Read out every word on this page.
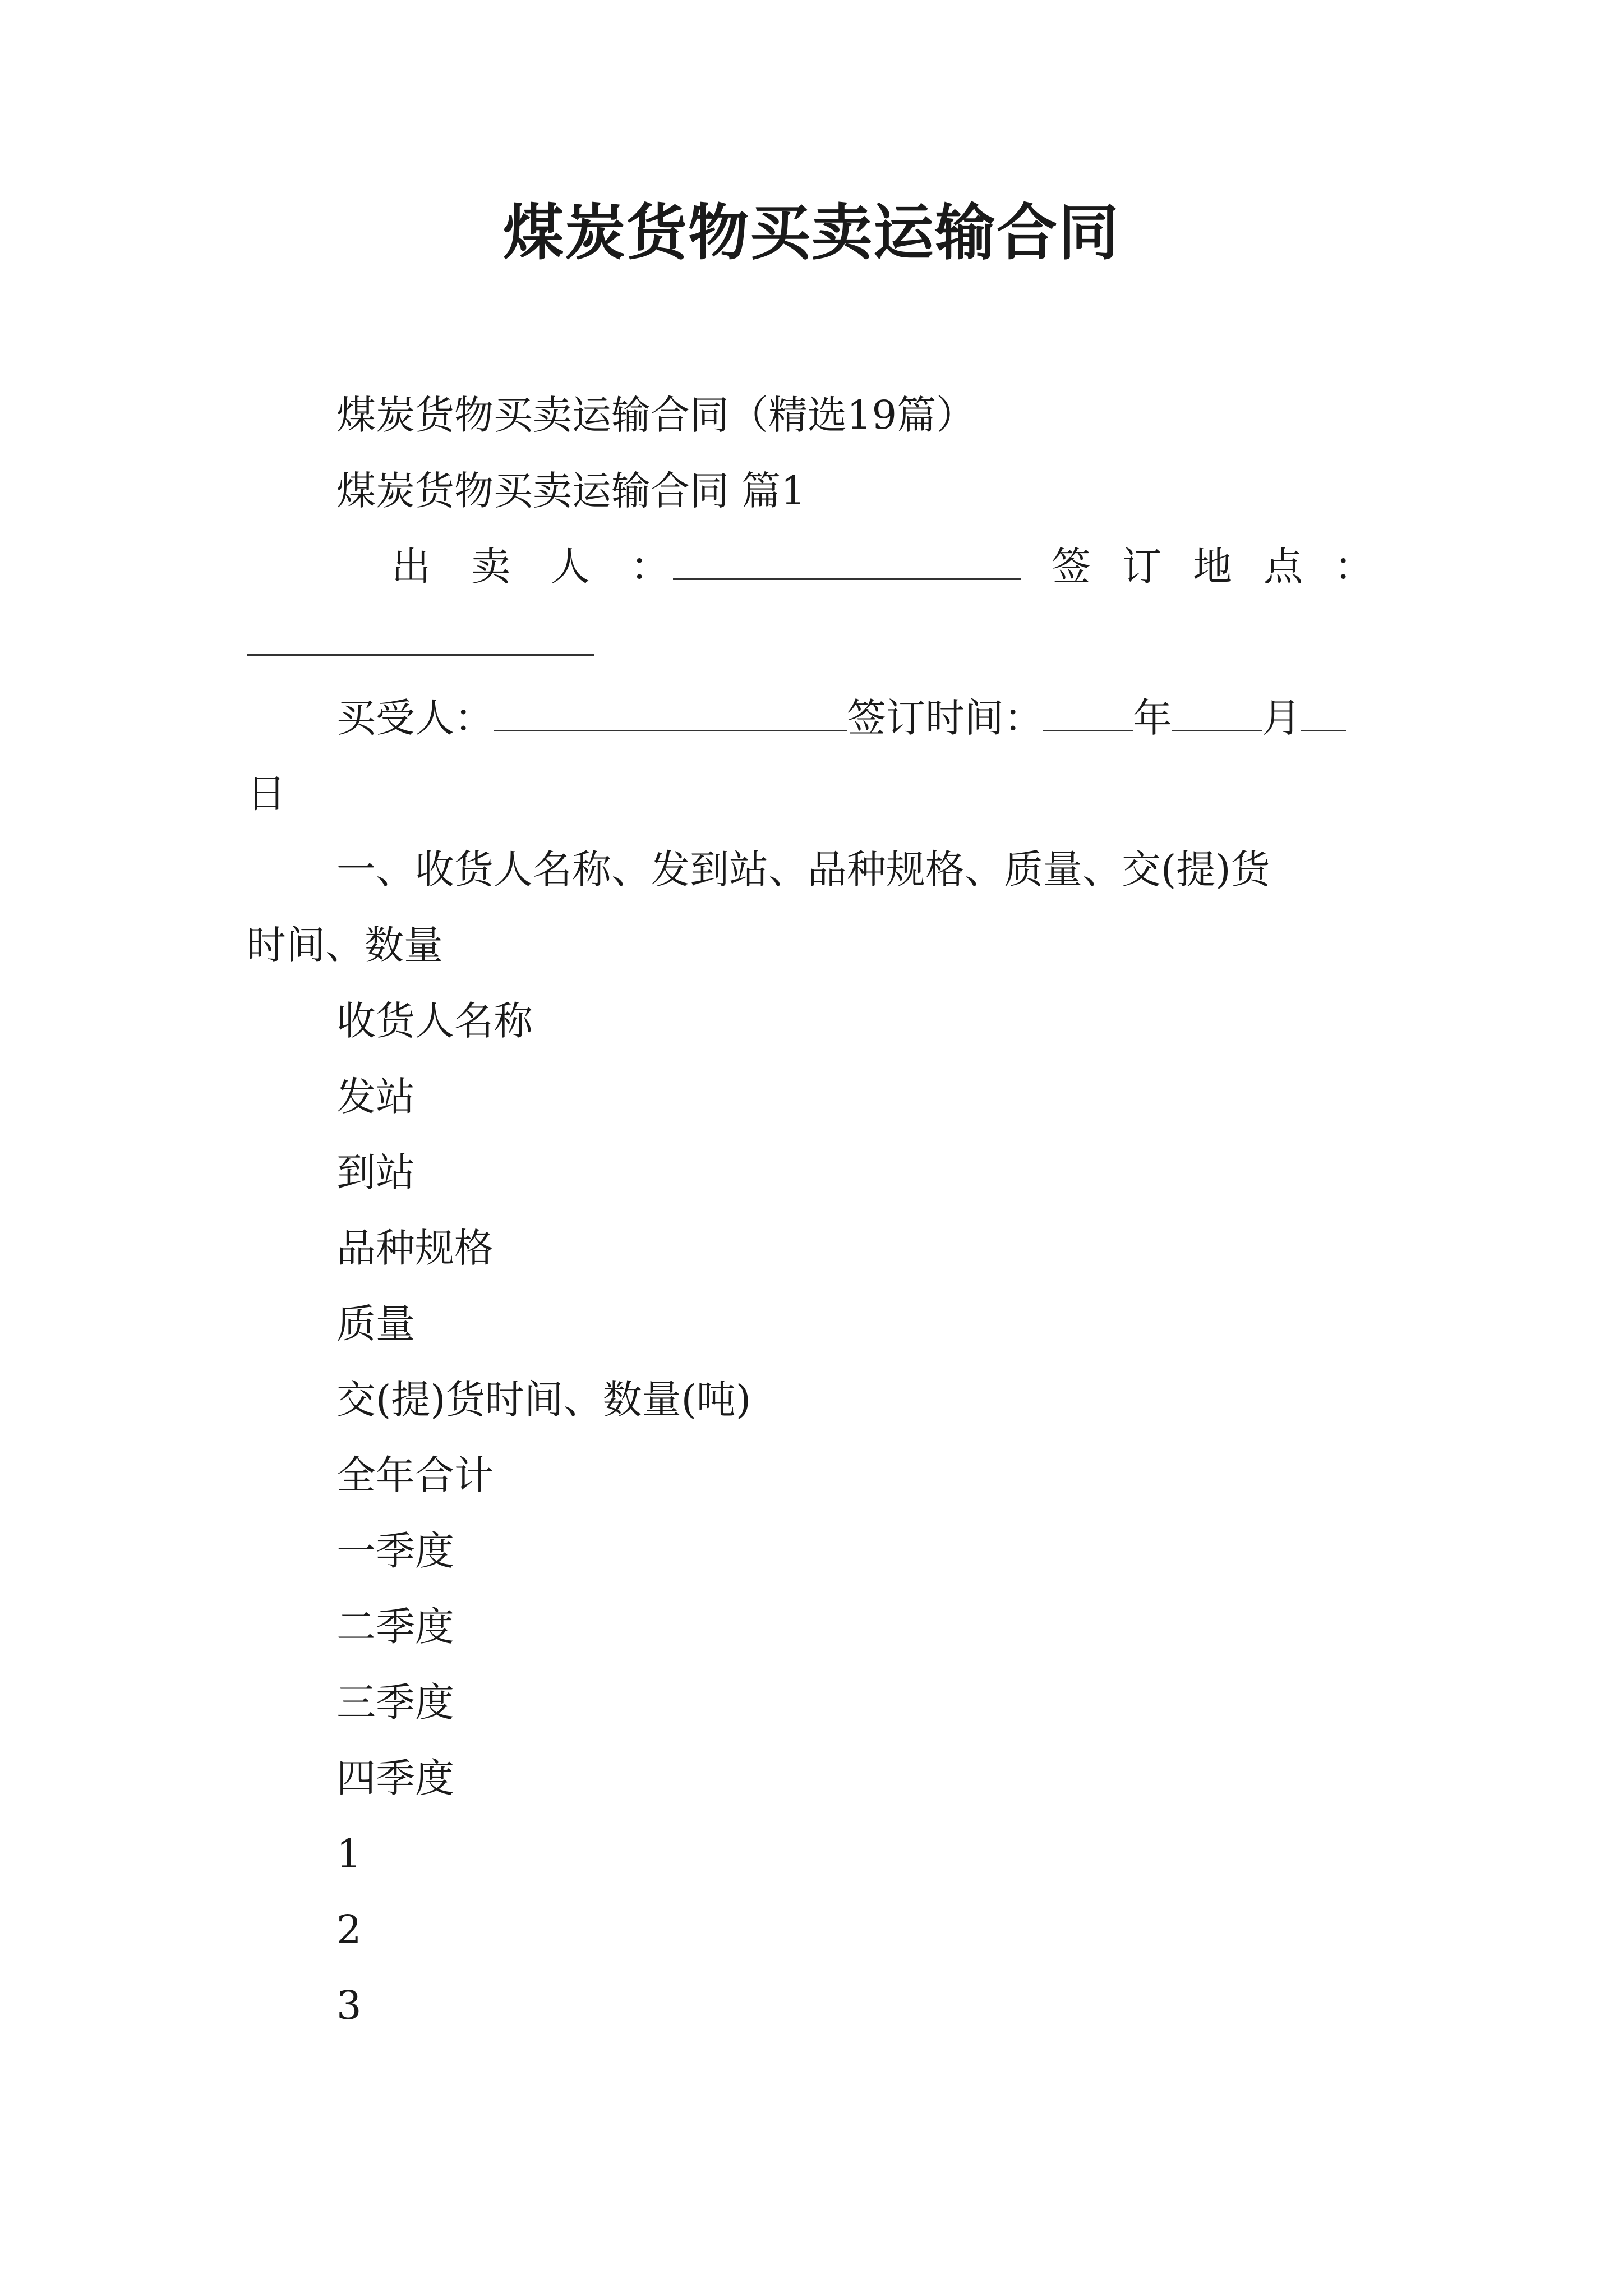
煤炭货物买卖运输合同
煤炭货物买卖运输合同（精选19篇）
煤炭货物买卖运输合同 篇1
出卖人：	签订地点：
买受人：	签订时间： 年 月
日
一、收货人名称、发到站、品种规格、质量、交(提)货
时间、数量
收货人名称
发站
到站
品种规格
质量
交(提)货时间、数量(吨)
全年合计
一季度
二季度
三季度
四季度
1
2
3
